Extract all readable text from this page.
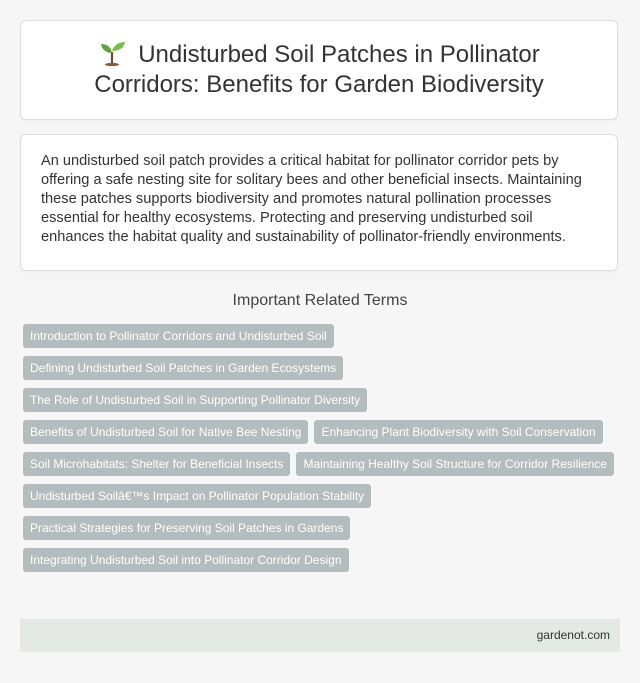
Undisturbed Soil Patches in Pollinator Corridors: Benefits for Garden Biodiversity

An undisturbed soil patch provides a critical habitat for pollinator corridor pets by offering a safe nesting site for solitary bees and other beneficial insects. Maintaining these patches supports biodiversity and promotes natural pollination processes essential for healthy ecosystems. Protecting and preserving undisturbed soil enhances the habitat quality and sustainability of pollinator-friendly environments.

Important Related Terms
Introduction to Pollinator Corridors and Undisturbed Soil
Defining Undisturbed Soil Patches in Garden Ecosystems
The Role of Undisturbed Soil in Supporting Pollinator Diversity
Benefits of Undisturbed Soil for Native Bee Nesting	Enhancing Plant Biodiversity with Soil Conservation
Soil Microhabitats: Shelter for Beneficial Insects	Maintaining Healthy Soil Structure for Corridor Resilience
Undisturbed Soilâ€™s Impact on Pollinator Population Stability
Practical Strategies for Preserving Soil Patches in Gardens
Integrating Undisturbed Soil into Pollinator Corridor Design
gardenot.com
